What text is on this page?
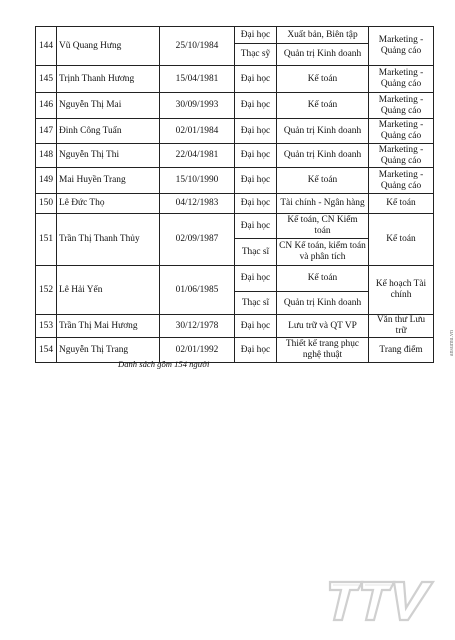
144	Vũ Quang Hưng	25/10/1984	Đại học	Xuất bản, Biên tập	Marketing - Quảng cáo
			Thạc sỹ	Quản trị Kinh doanh	
145	Trịnh Thanh Hương	15/04/1981	Đại học	Kế toán	Marketing - Quảng cáo
146	Nguyễn Thị Mai	30/09/1993	Đại học	Kế toán	Marketing - Quảng cáo
147	Đinh Công Tuấn	02/01/1984	Đại học	Quản trị Kinh doanh	Marketing - Quảng cáo
148	Nguyễn Thị Thi	22/04/1981	Đại học	Quản trị Kinh doanh	Marketing - Quảng cáo
149	Mai Huyền Trang	15/10/1990	Đại học	Kế toán	Marketing - Quảng cáo
150	Lê Đức Thọ	04/12/1983	Đại học	Tài chính - Ngân hàng	Kế toán
151	Trần Thị Thanh Thủy	02/09/1987	Đại học	Kế toán, CN Kiểm toán	Kế toán
			Thạc sĩ	CN Kế toán, kiểm toán và phân tích	
152	Lê Hải Yến	01/06/1985	Đại học	Kế toán	Kế hoạch Tài chính
			Thạc sĩ	Quản trị Kinh doanh	
153	Trần Thị Mai Hương	30/12/1978	Đại học	Lưu trữ và QT VP	Văn thư Lưu trữ
154	Nguyễn Thị Trang	02/01/1992	Đại học	Thiết kế trang phục nghệ thuật	Trang điểm
Danh sách gồm 154 người
ansumu.vn
